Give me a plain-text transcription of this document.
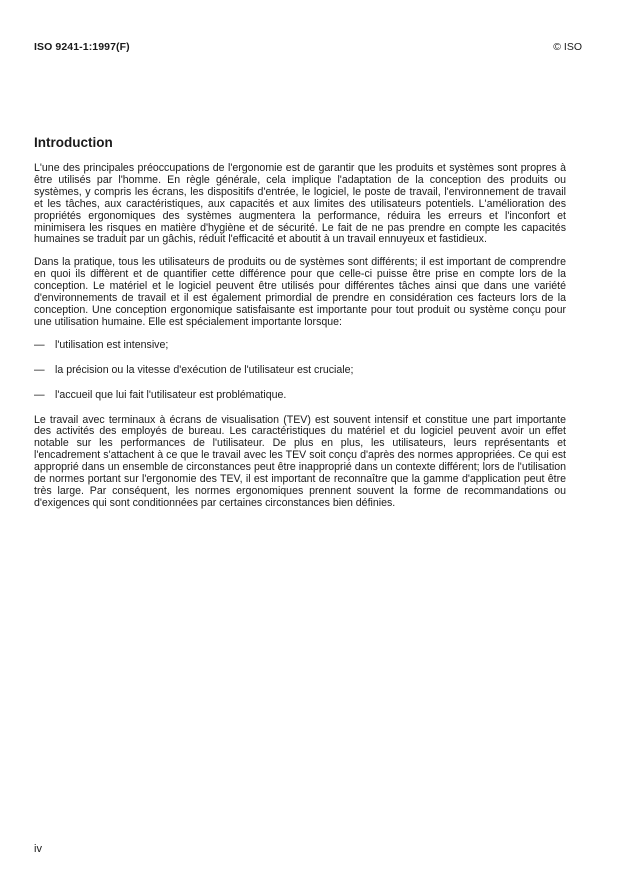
ISO 9241-1:1997(F)	© ISO
Introduction

L'une des principales préoccupations de l'ergonomie est de garantir que les produits et systèmes sont propres à être utilisés par l'homme. En règle générale, cela implique l'adaptation de la conception des produits ou systèmes, y compris les écrans, les dispositifs d'entrée, le logiciel, le poste de travail, l'environnement de travail et les tâches, aux caractéristiques, aux capacités et aux limites des utilisateurs potentiels. L'amélioration des propriétés ergonomiques des systèmes augmentera la performance, réduira les erreurs et l'inconfort et minimisera les risques en matière d'hygiène et de sécurité. Le fait de ne pas prendre en compte les capacités humaines se traduit par un gâchis, réduit l'efficacité et aboutit à un travail ennuyeux et fastidieux.

Dans la pratique, tous les utilisateurs de produits ou de systèmes sont différents; il est important de comprendre en quoi ils diffèrent et de quantifier cette différence pour que celle-ci puisse être prise en compte lors de la conception. Le matériel et le logiciel peuvent être utilisés pour différentes tâches ainsi que dans une variété d'environnements de travail et il est également primordial de prendre en considération ces facteurs lors de la conception. Une conception ergonomique satisfaisante est importante pour tout produit ou système conçu pour une utilisation humaine. Elle est spécialement importante lorsque:

— l'utilisation est intensive;
— la précision ou la vitesse d'exécution de l'utilisateur est cruciale;
— l'accueil que lui fait l'utilisateur est problématique.

Le travail avec terminaux à écrans de visualisation (TEV) est souvent intensif et constitue une part importante des activités des employés de bureau. Les caractéristiques du matériel et du logiciel peuvent avoir un effet notable sur les performances de l'utilisateur. De plus en plus, les utilisateurs, leurs représentants et l'encadrement s'attachent à ce que le travail avec les TEV soit conçu d'après des normes appropriées. Ce qui est approprié dans un ensemble de circonstances peut être inapproprié dans un contexte différent; lors de l'utilisation de normes portant sur l'ergonomie des TEV, il est important de reconnaître que la gamme d'application peut être très large. Par conséquent, les normes ergonomiques prennent souvent la forme de recommandations ou d'exigences qui sont conditionnées par certaines circonstances bien définies.

iv
